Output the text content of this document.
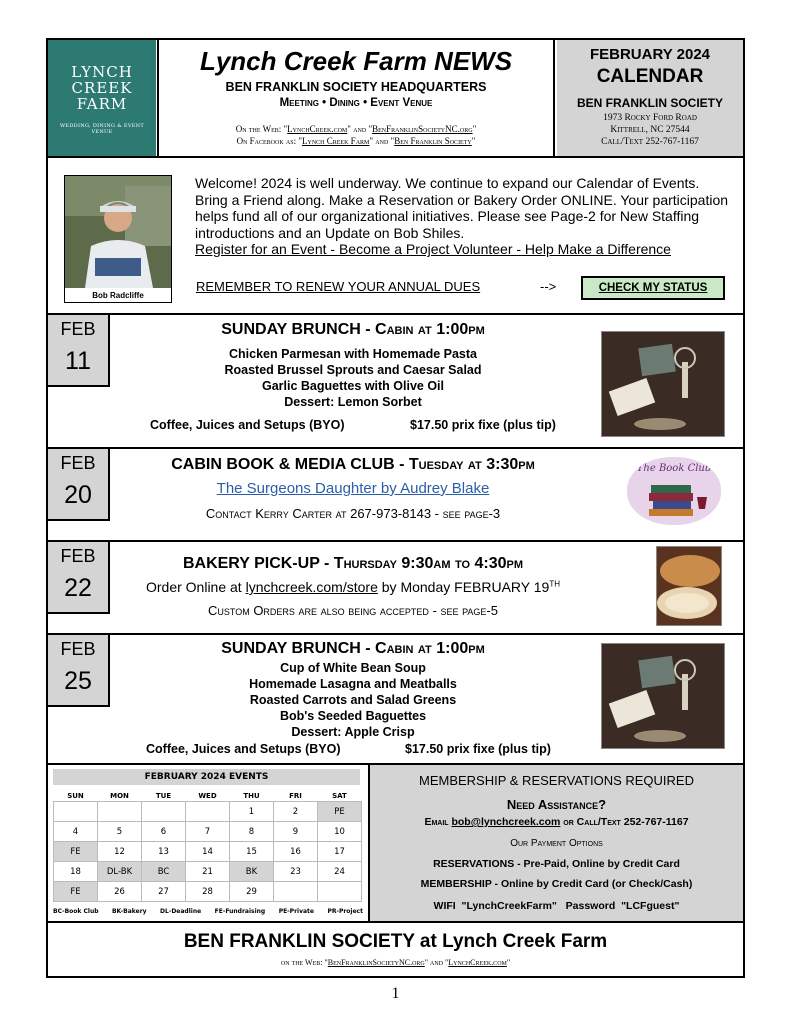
LYNCH
CREEK
FARM
WEDDING, DINING & EVENT VENUE
Lynch Creek Farm NEWS
BEN FRANKLIN SOCIETY HEADQUARTERS
Meeting • Dining • Event Venue
On the Web: "LynchCreek.com" and "BenFranklinSocietyNC.org"
On Facebook as: "Lynch Creek Farm" and "Ben Franklin Society"
FEBRUARY 2024
CALENDAR
BEN FRANKLIN SOCIETY
1973 Rocky Ford Road
Kittrell, NC 27544
Call/Text 252-767-1167
Bob Radcliffe
Welcome! 2024 is well underway. We continue to expand our Calendar of Events. Bring a Friend along. Make a Reservation or Bakery Order ONLINE. Your participation helps fund all of our organizational initiatives. Please see Page-2 for New Staffing introductions and an Update on Bob Shiles.
Register for an Event - Become a Project Volunteer - Help Make a Difference
REMEMBER TO RENEW YOUR ANNUAL DUES	-->	CHECK MY STATUS
FEB
11
SUNDAY BRUNCH - Cabin at 1:00pm
Chicken Parmesan with Homemade Pasta
Roasted Brussel Sprouts and Caesar Salad
Garlic Baguettes with Olive Oil
Dessert: Lemon Sorbet
Coffee, Juices and Setups (BYO)	$17.50 prix fixe (plus tip)
FEB
20
CABIN BOOK & MEDIA CLUB - Tuesday at 3:30pm
The Surgeons Daughter by Audrey Blake
Contact Kerry Carter at 267-973-8143 - see page-3
The Book Club
FEB
22
BAKERY PICK-UP - Thursday 9:30am to 4:30pm
Order Online at lynchcreek.com/store by Monday FEBRUARY 19TH
Custom Orders are also being accepted - see page-5
FEB
25
SUNDAY BRUNCH - Cabin at 1:00pm
Cup of White Bean Soup
Homemade Lasagna and Meatballs
Roasted Carrots and Salad Greens
Bob's Seeded Baguettes
Dessert: Apple Crisp
Coffee, Juices and Setups (BYO)	$17.50 prix fixe (plus tip)
FEBRUARY 2024 EVENTS
SUN	MON	TUE	WED	THU	FRI	SAT
				1	2	PE
4	5	6	7	8	9	10
FE	12	13	14	15	16	17
18	DL-BK	BC	21	BK	23	24
FE	26	27	28	29		
BC-Book Club BK-Bakery DL-Deadline FE-Fundraising PE-Private PR-Project
MEMBERSHIP & RESERVATIONS REQUIRED
Need Assistance?
Email bob@lynchcreek.com or Call/Text 252-767-1167
Our Payment Options
RESERVATIONS - Pre-Paid, Online by Credit Card
MEMBERSHIP - Online by Credit Card (or Check/Cash)
WIFI  "LynchCreekFarm"   Password  "LCFguest"
BEN FRANKLIN SOCIETY at Lynch Creek Farm
on the Web: "BenFranklinSocietyNC.org" and "LynchCreek.com"
1
